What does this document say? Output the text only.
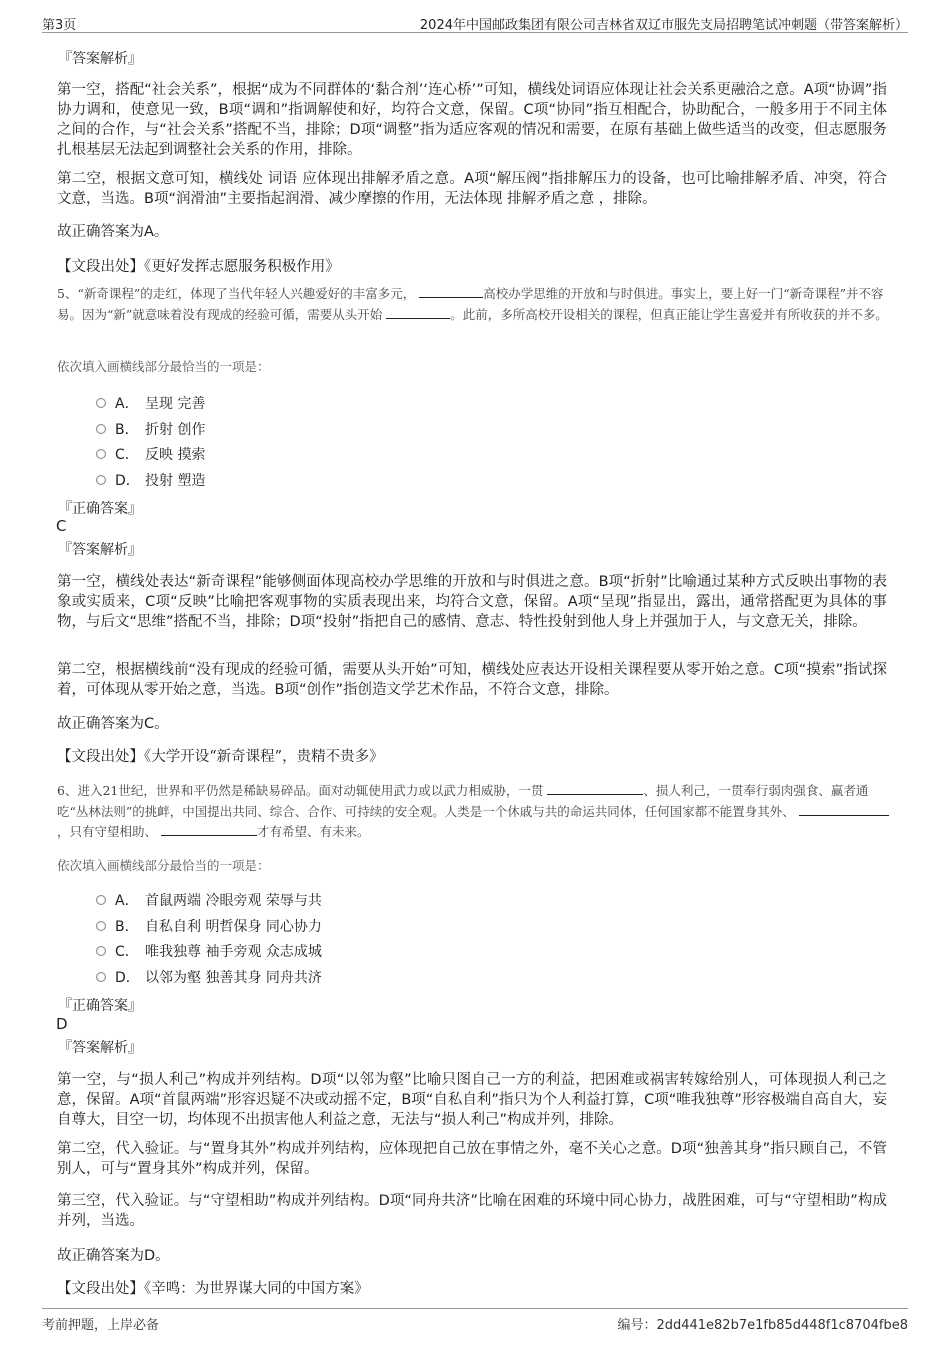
第3页	2024年中国邮政集团有限公司吉林省双辽市服先支局招聘笔试冲刺题（带答案解析）
『答案解析』
第一空，搭配“社会关系”，根据“成为不同群体的‘黏合剂’‘连心桥’”可知，横线处词语应体现让社会关系更融洽之意。A项“协调”指协力调和，使意见一致，B项“调和”指调解使和好，均符合文意，保留。C项“协同”指互相配合，协助配合，一般多用于不同主体之间的合作，与“社会关系”搭配不当，排除；D项“调整”指为适应客观的情况和需要，在原有基础上做些适当的改变，但志愿服务扎根基层无法起到调整社会关系的作用，排除。
第二空，根据文意可知，横线处 词语 应体现出排解矛盾之意。A项“解压阀”指排解压力的设备，也可比喻排解矛盾、冲突，符合文意，当选。B项“润滑油”主要指起润滑、减少摩擦的作用，无法体现 排解矛盾之意 ，排除。
故正确答案为A。
【文段出处】《更好发挥志愿服务积极作用》
5、“新奇课程”的走红，体现了当代年轻人兴趣爱好的丰富多元，	高校办学思维的开放和与时俱进。事实上，要上好一门“新奇课程”并不容易。因为“新”就意味着没有现成的经验可循，需要从头开始	。此前，多所高校开设相关的课程，但真正能让学生喜爱并有所收获的并不多。
依次填入画横线部分最恰当的一项是：
A． 呈现 完善
B． 折射 创作
C． 反映 摸索
D． 投射 塑造
『正确答案』
C
『答案解析』
第一空，横线处表达“新奇课程”能够侧面体现高校办学思维的开放和与时俱进之意。B项“折射”比喻通过某种方式反映出事物的表象或实质来，C项“反映”比喻把客观事物的实质表现出来，均符合文意，保留。A项“呈现”指显出，露出，通常搭配更为具体的事物，与后文“思维”搭配不当，排除；D项“投射”指把自己的感情、意志、特性投射到他人身上并强加于人，与文意无关，排除。
第二空，根据横线前“没有现成的经验可循，需要从头开始”可知，横线处应表达开设相关课程要从零开始之意。C项“摸索”指试探着，可体现从零开始之意，当选。B项“创作”指创造文学艺术作品，不符合文意，排除。
故正确答案为C。
【文段出处】《大学开设“新奇课程”，贵精不贵多》
6、进入21世纪，世界和平仍然是稀缺易碎品。面对动辄使用武力或以武力相威胁，一贯	、损人利己，一贯奉行弱肉强食、赢者通吃“丛林法则”的挑衅，中国提出共同、综合、合作、可持续的安全观。人类是一个休戚与共的命运共同体，任何国家都不能置身其外、 ，只有守望相助、	才有希望、有未来。
依次填入画横线部分最恰当的一项是：
A． 首鼠两端 冷眼旁观 荣辱与共
B． 自私自利 明哲保身 同心协力
C． 唯我独尊 袖手旁观 众志成城
D． 以邻为壑 独善其身 同舟共济
『正确答案』
D
『答案解析』
第一空，与“损人利己”构成并列结构。D项“以邻为壑”比喻只图自己一方的利益，把困难或祸害转嫁给别人，可体现损人利己之意，保留。A项“首鼠两端”形容迟疑不决或动摇不定，B项“自私自利”指只为个人利益打算，C项“唯我独尊”形容极端自高自大，妄自尊大，目空一切，均体现不出损害他人利益之意，无法与“损人利己”构成并列，排除。
第二空，代入验证。与“置身其外”构成并列结构，应体现把自己放在事情之外，毫不关心之意。D项“独善其身”指只顾自己，不管别人，可与“置身其外”构成并列，保留。
第三空，代入验证。与“守望相助”构成并列结构。D项“同舟共济”比喻在困难的环境中同心协力，战胜困难，可与“守望相助”构成并列，当选。
故正确答案为D。
【文段出处】《辛鸣：为世界谋大同的中国方案》
考前押题，上岸必备	编号：2dd441e82b7e1fb85d448f1c8704fbe8
